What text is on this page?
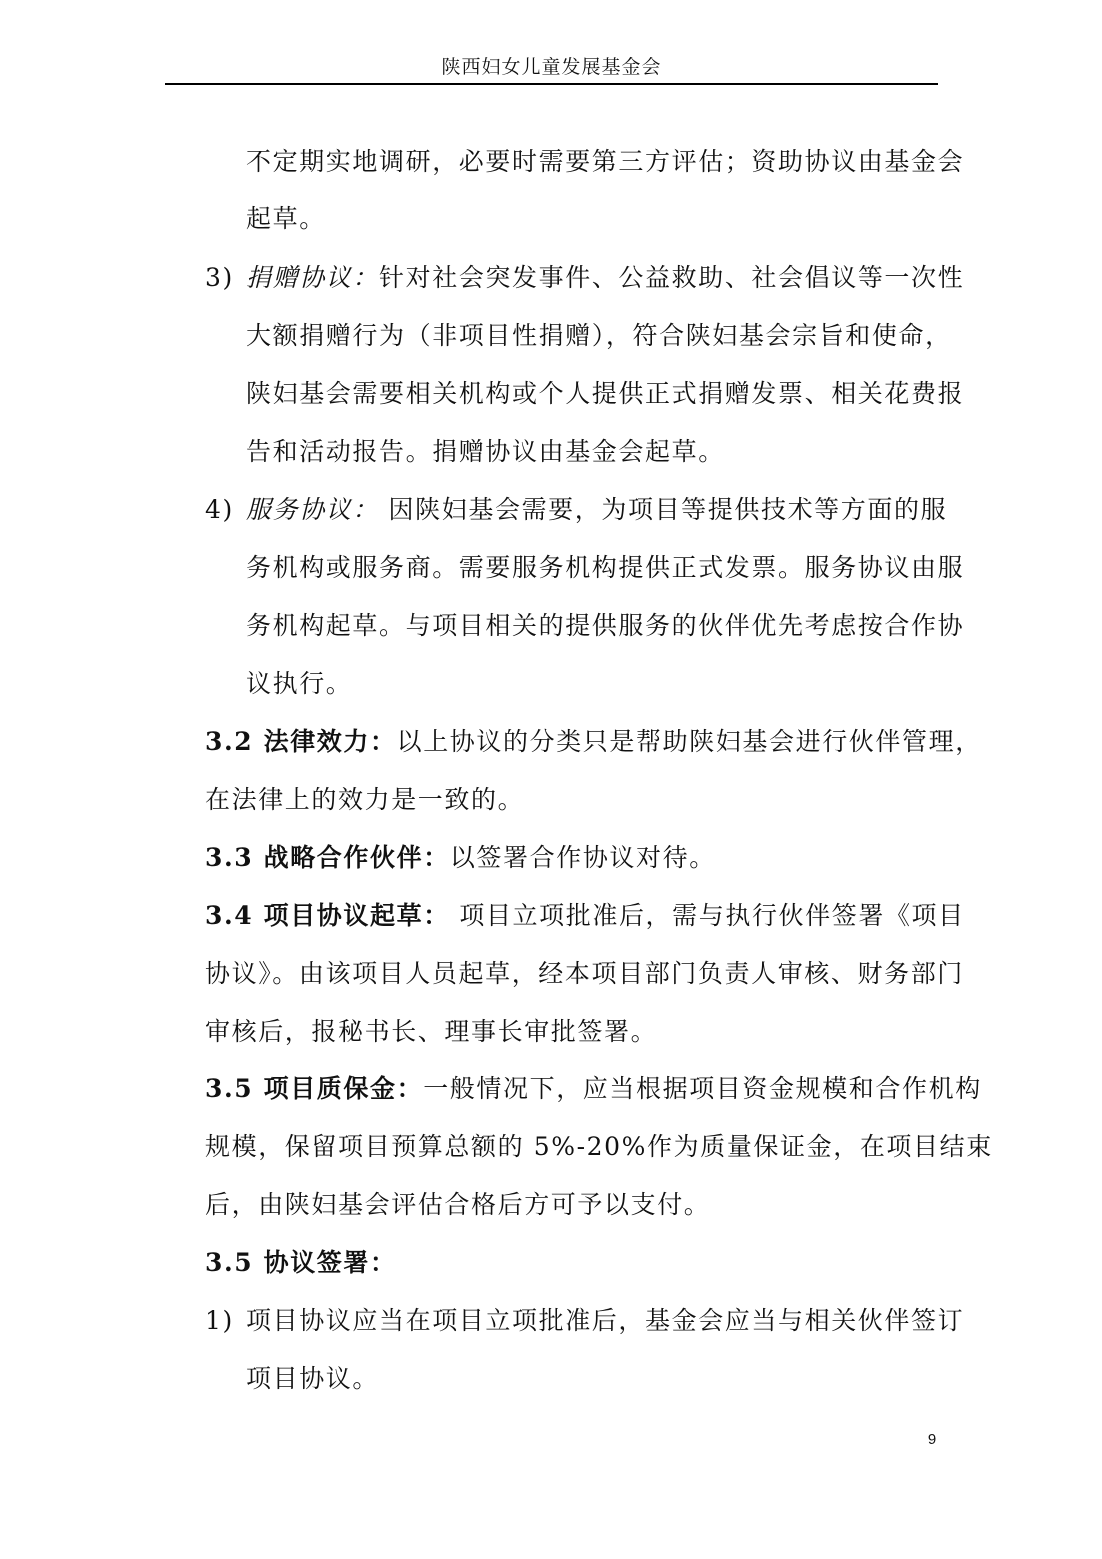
陕西妇女儿童发展基金会
不定期实地调研，必要时需要第三方评估；资助协议由基金会
起草。
3) 捐赠协议：针对社会突发事件、公益救助、社会倡议等一次性
大额捐赠行为（非项目性捐赠），符合陕妇基会宗旨和使命，
陕妇基会需要相关机构或个人提供正式捐赠发票、相关花费报
告和活动报告。捐赠协议由基金会起草。
4) 服务协议： 因陕妇基会需要，为项目等提供技术等方面的服
务机构或服务商。需要服务机构提供正式发票。服务协议由服
务机构起草。与项目相关的提供服务的伙伴优先考虑按合作协
议执行。
3.2 法律效力：以上协议的分类只是帮助陕妇基会进行伙伴管理，
在法律上的效力是一致的。
3.3 战略合作伙伴：以签署合作协议对待。
3.4 项目协议起草： 项目立项批准后，需与执行伙伴签署《项目
协议》。由该项目人员起草，经本项目部门负责人审核、财务部门
审核后，报秘书长、理事长审批签署。
3.5 项目质保金：一般情况下，应当根据项目资金规模和合作机构
规模，保留项目预算总额的 5%-20%作为质量保证金，在项目结束
后，由陕妇基会评估合格后方可予以支付。
3.5 协议签署：
1) 项目协议应当在项目立项批准后，基金会应当与相关伙伴签订
项目协议。
9
